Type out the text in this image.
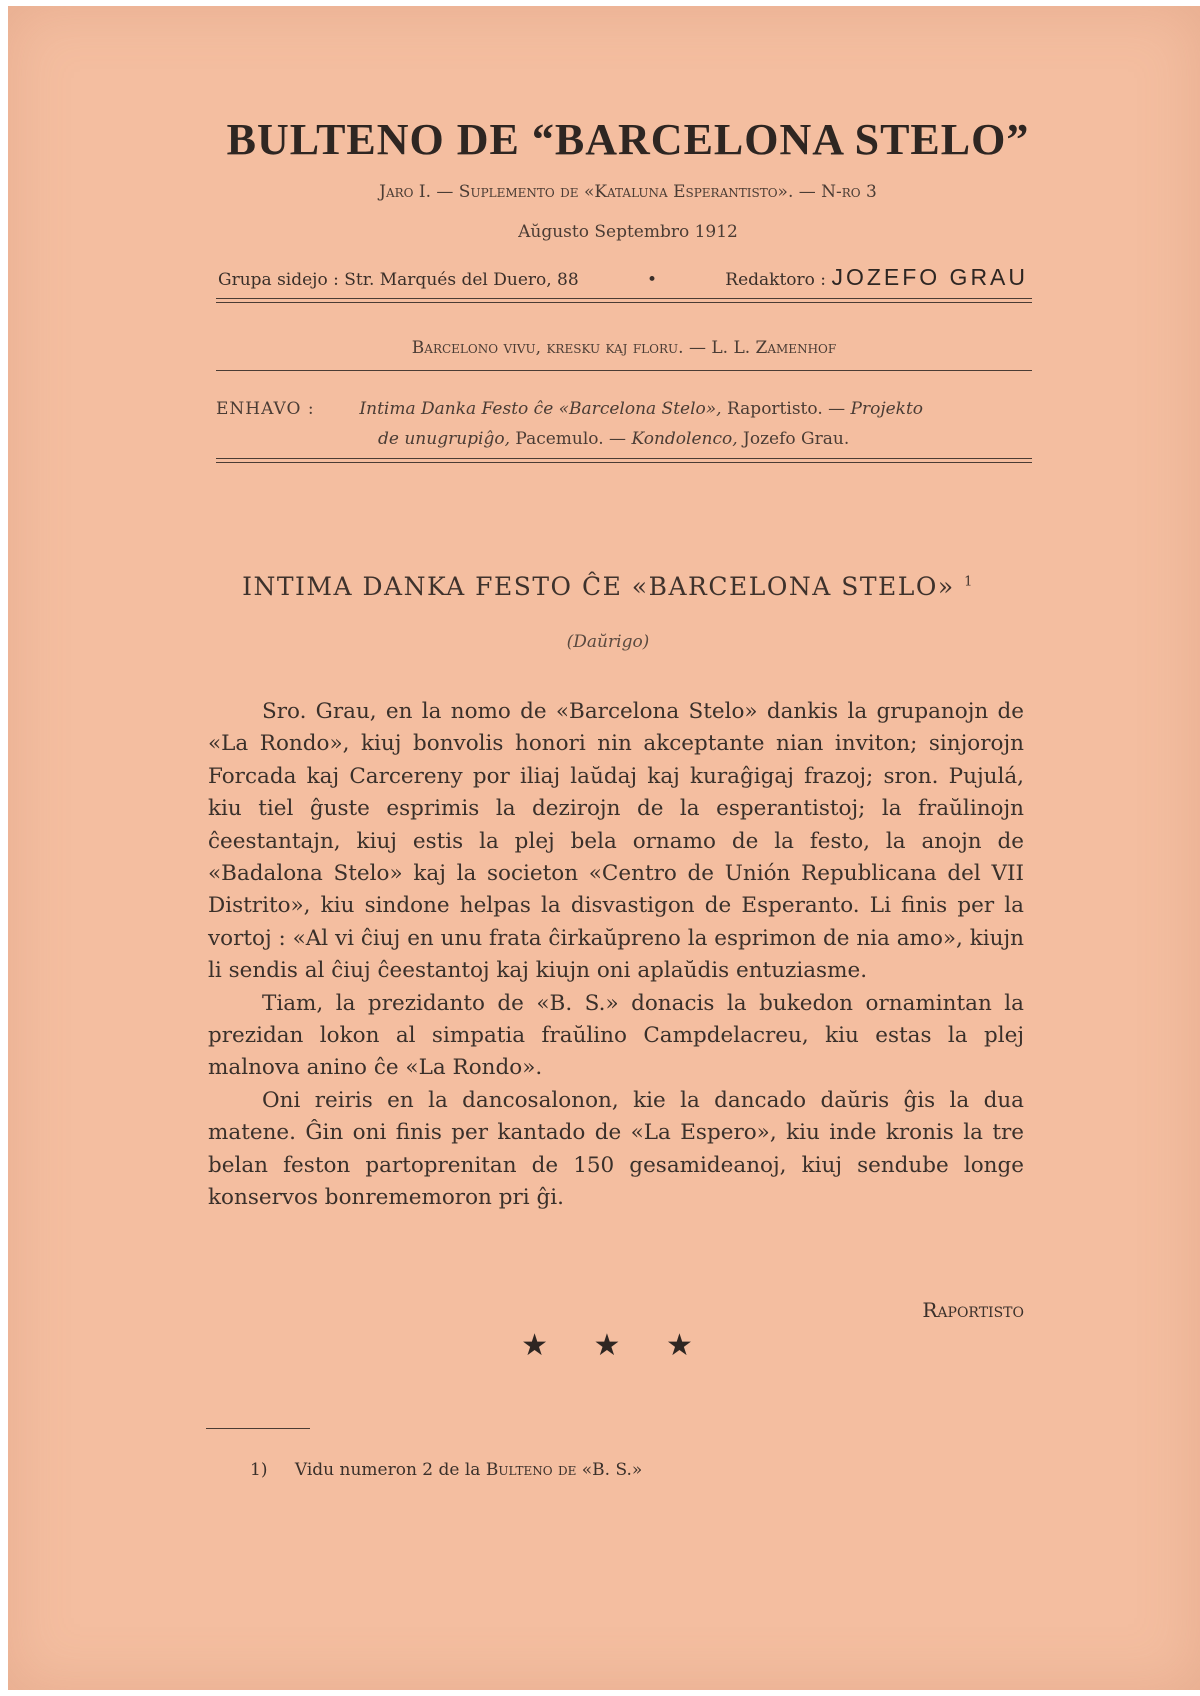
BULTENO DE “BARCELONA STELO”
Jaro I. — Suplemento de «Kataluna Esperantisto». — N-ro 3
Aŭgusto Septembro 1912
Grupa sidejo : Str. Marqués del Duero, 88	•	Redaktoro : JOZEFO GRAU
Barcelono vivu, kresku kaj floru. — L. L. Zamenhof
ENHAVO :	Intima Danka Festo ĉe «Barcelona Stelo», Raportisto. — Projekto
de unugrupiĝo, Pacemulo. — Kondolenco, Jozefo Grau.
INTIMA DANKA FESTO ĈE «BARCELONA STELO» $^1$
(Daŭrigo)

Sro. Grau, en la nomo de «Barcelona Stelo» dankis la grupanojn de «La Rondo», kiuj bonvolis honori nin akceptante nian inviton; sinjorojn Forcada kaj Carcereny por iliaj laŭdaj kaj kuraĝigaj frazoj; sron. Pujulá, kiu tiel ĝuste esprimis la dezirojn de la esperantistoj; la fraŭlinojn ĉeestantajn, kiuj estis la plej bela ornamo de la festo, la anojn de «Badalona Stelo» kaj la societon «Centro de Unión Republicana del VII Distrito», kiu sindone helpas la disvastigon de Esperanto. Li finis per la vortoj : «Al vi ĉiuj en unu frata ĉirkaŭpreno la esprimon de nia amo», kiujn li sendis al ĉiuj ĉeestantoj kaj kiujn oni aplaŭdis entuziasme.

Tiam, la prezidanto de «B. S.» donacis la bukedon ornamintan la prezidan lokon al simpatia fraŭlino Campdelacreu, kiu estas la plej malnova anino ĉe «La Rondo».

Oni reiris en la dancosalonon, kie la dancado daŭris ĝis la dua matene. Ĝin oni finis per kantado de «La Espero», kiu inde kronis la tre belan feston partoprenitan de 150 gesamideanoj, kiuj sendube longe konservos bonrememoron pri ĝi.

Raportisto
★ ★ ★
1) Vidu numeron 2 de la Bulteno de «B. S.»
